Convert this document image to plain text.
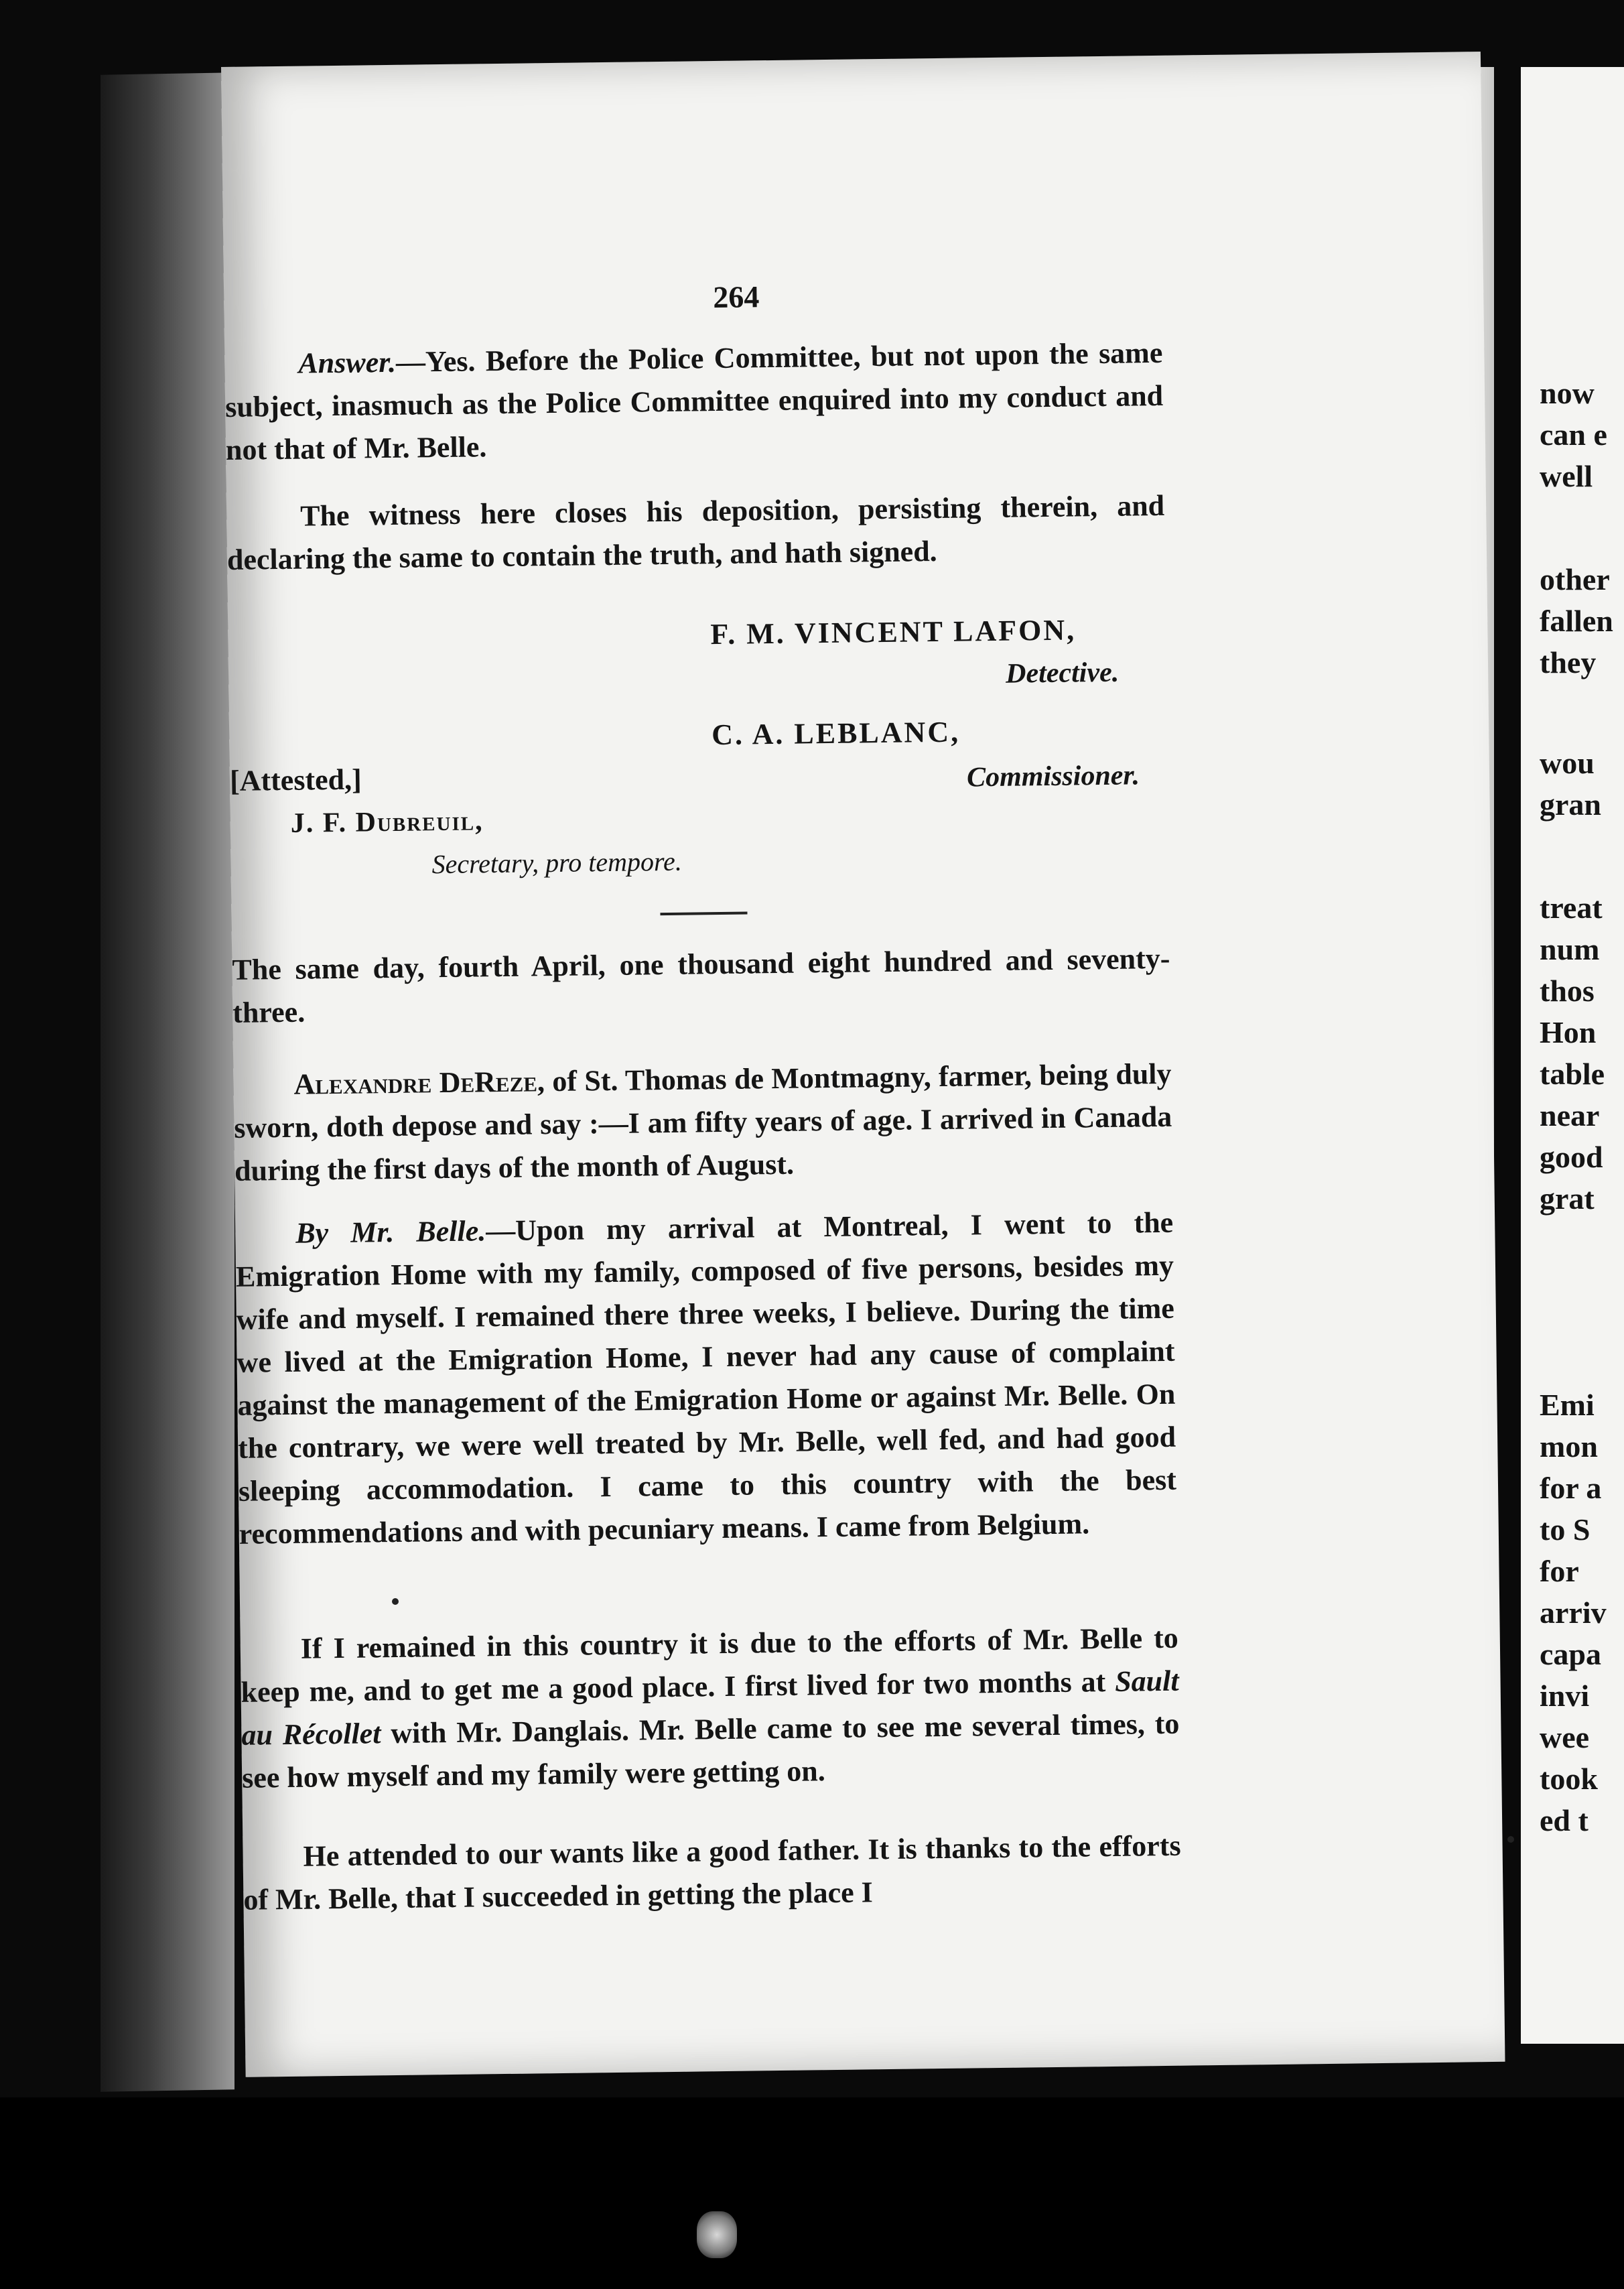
now
can e
well
other
fallen
they
wou
gran
treat
num
thos
Hon
table
near
good
grat
Emi
mon
for a
to S
for
arriv
capa
invi
wee
took
ed t
264
Answer.—Yes. Before the Police Committee, but not upon the same subject, inasmuch as the Police Committee enquired into my conduct and not that of Mr. Belle.
The witness here closes his deposition, persisting therein, and declaring the same to contain the truth, and hath signed.
F. M. VINCENT LAFON,
Detective.
C. A. LEBLANC,
[Attested,]	Commissioner.
J. F. Dubreuil,
Secretary, pro tempore.
The same day, fourth April, one thousand eight hundred and seventy-three.
Alexandre DeReze, of St. Thomas de Montmagny, farmer, being duly sworn, doth depose and say :—I am fifty years of age. I arrived in Canada during the first days of the month of August.
By Mr. Belle.—Upon my arrival at Montreal, I went to the Emigration Home with my family, composed of five persons, besides my wife and myself. I remained there three weeks, I believe. During the time we lived at the Emigration Home, I never had any cause of complaint against the management of the Emigration Home or against Mr. Belle. On the contrary, we were well treated by Mr. Belle, well fed, and had good sleeping accommodation. I came to this country with the best recommendations and with pecuniary means. I came from Belgium.
If I remained in this country it is due to the efforts of Mr. Belle to keep me, and to get me a good place. I first lived for two months at Sault au Récollet with Mr. Danglais. Mr. Belle came to see me several times, to see how myself and my family were getting on.
He attended to our wants like a good father. It is thanks to the efforts of Mr. Belle, that I succeeded in getting the place I
